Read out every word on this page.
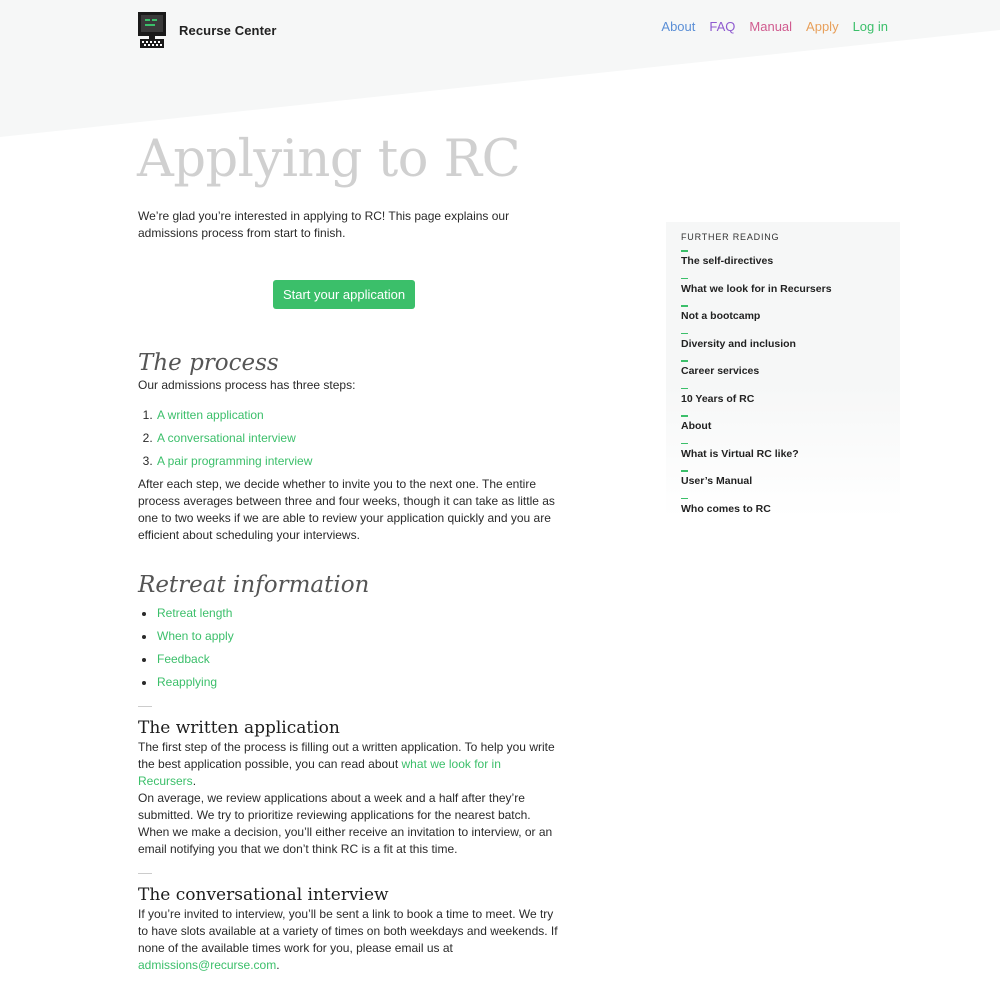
Recurse Center	About FAQ Manual Apply Log in
Applying to RC

We’re glad you’re interested in applying to RC! This page explains our admissions process from start to finish.

Start your application
The process

Our admissions process has three steps:

1. A written application
2. A conversational interview
3. A pair programming interview

After each step, we decide whether to invite you to the next one. The entire process averages between three and four weeks, though it can take as little as one to two weeks if we are able to review your application quickly and you are efficient about scheduling your interviews.

Retreat information
• Retreat length
• When to apply
• Feedback
• Reapplying
The written application

The first step of the process is filling out a written application. To help you write the best application possible, you can read about what we look for in Recursers.

On average, we review applications about a week and a half after they’re submitted. We try to prioritize reviewing applications for the nearest batch. When we make a decision, you’ll either receive an invitation to interview, or an email notifying you that we don’t think RC is a fit at this time.

The conversational interview

If you’re invited to interview, you’ll be sent a link to book a time to meet. We try to have slots available at a variety of times on both weekdays and weekends. If none of the available times work for you, please email us at admissions@recurse.com.

FURTHER READING
The self-directives
What we look for in Recursers
Not a bootcamp
Diversity and inclusion
Career services
10 Years of RC
About
What is Virtual RC like?
User’s Manual
Who comes to RC
